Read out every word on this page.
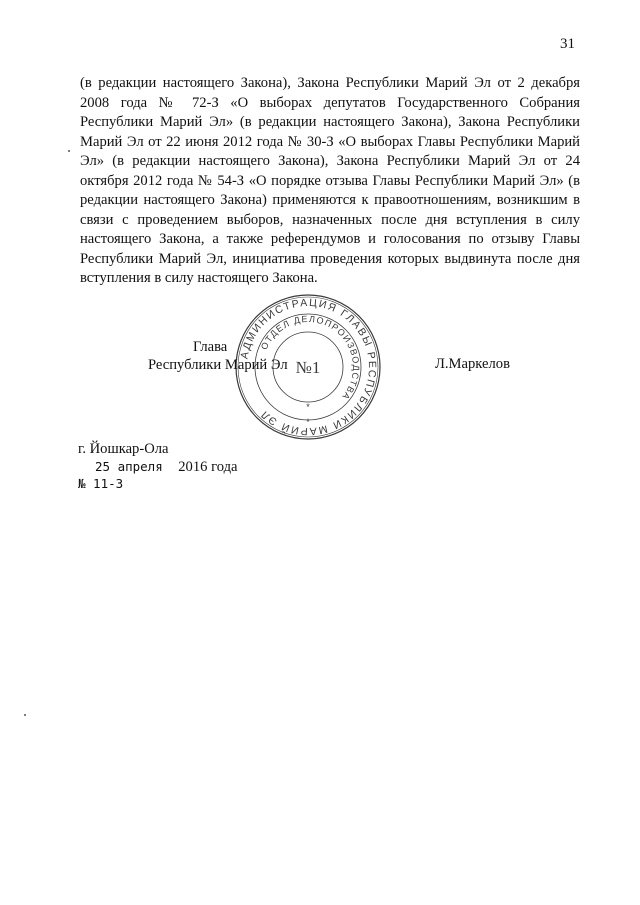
31

(в редакции настоящего Закона), Закона Республики Марий Эл от 2 декабря 2008 года № 72-З «О выборах депутатов Государственного Собрания Республики Марий Эл» (в редакции настоящего Закона), Закона Республики Марий Эл от 22 июня 2012 года № 30-З «О выборах Главы Республики Марий Эл» (в редакции настоящего Закона), Закона Республики Марий Эл от 24 октября 2012 года № 54-З «О порядке отзыва Главы Республики Марий Эл» (в редакции настоящего Закона) применяются к правоотношениям, возникшим в связи с проведением выборов, назначенных после дня вступления в силу настоящего Закона, а также референдумов и голосования по отзыву Главы Республики Марий Эл, инициатива проведения которых выдвинута после дня вступления в силу настоящего Закона.

АДМИНИСТРАЦИЯ ГЛАВЫ РЕСПУБЛИКИ МАРИЙ ЭЛ
ОТДЕЛ ДЕЛОПРОИЗВОДСТВА
№1
*
*
Глава
Республики Марий Эл	Л.Маркелов
г. Йошкар-Ола
25 апреля 2016 года
№ 11-З
